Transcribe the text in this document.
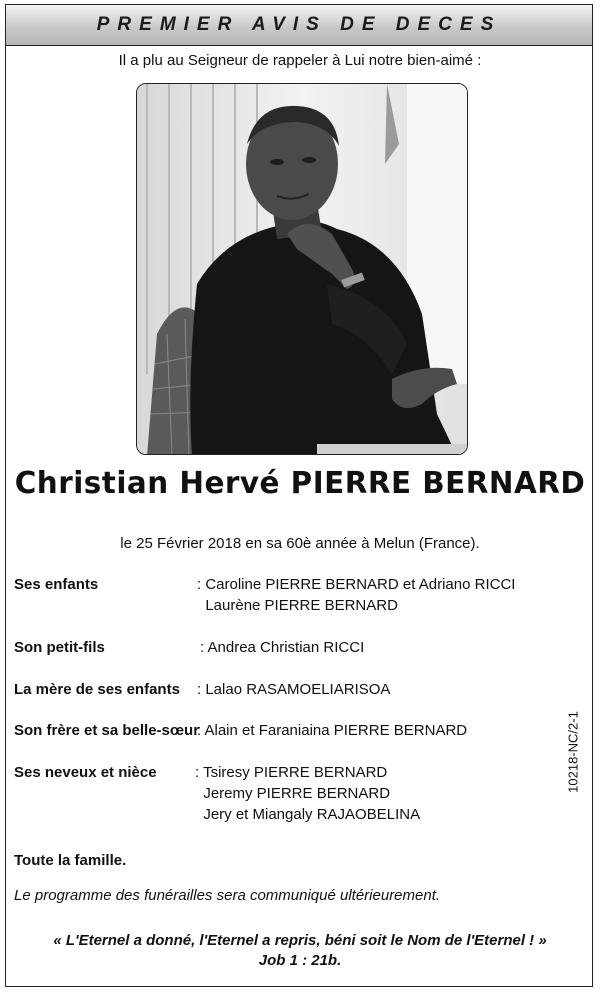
PREMIER AVIS DE DECES
Il a plu au Seigneur de rappeler à Lui notre bien-aimé :
Christian Hervé PIERRE BERNARD
le 25 Février 2018 en sa 60è année à Melun (France).
Ses enfants	: Caroline PIERRE BERNARD et Adriano RICCI
Laurène PIERRE BERNARD
Son petit-fils	: Andrea Christian RICCI
La mère de ses enfants : Lalao RASAMOELIARISOA
Son frère et sa belle-sœur
: Alain et Faraniaina PIERRE BERNARD
Ses neveux et nièce	: Tsiresy PIERRE BERNARD
Jeremy PIERRE BERNARD
Jery et Miangaly RAJAOBELINA
10218-NC/2-1
Toute la famille.
Le programme des funérailles sera communiqué ultérieurement.
« L'Eternel a donné, l'Eternel a repris, béni soit le Nom de l'Eternel ! »
Job 1 : 21b.
